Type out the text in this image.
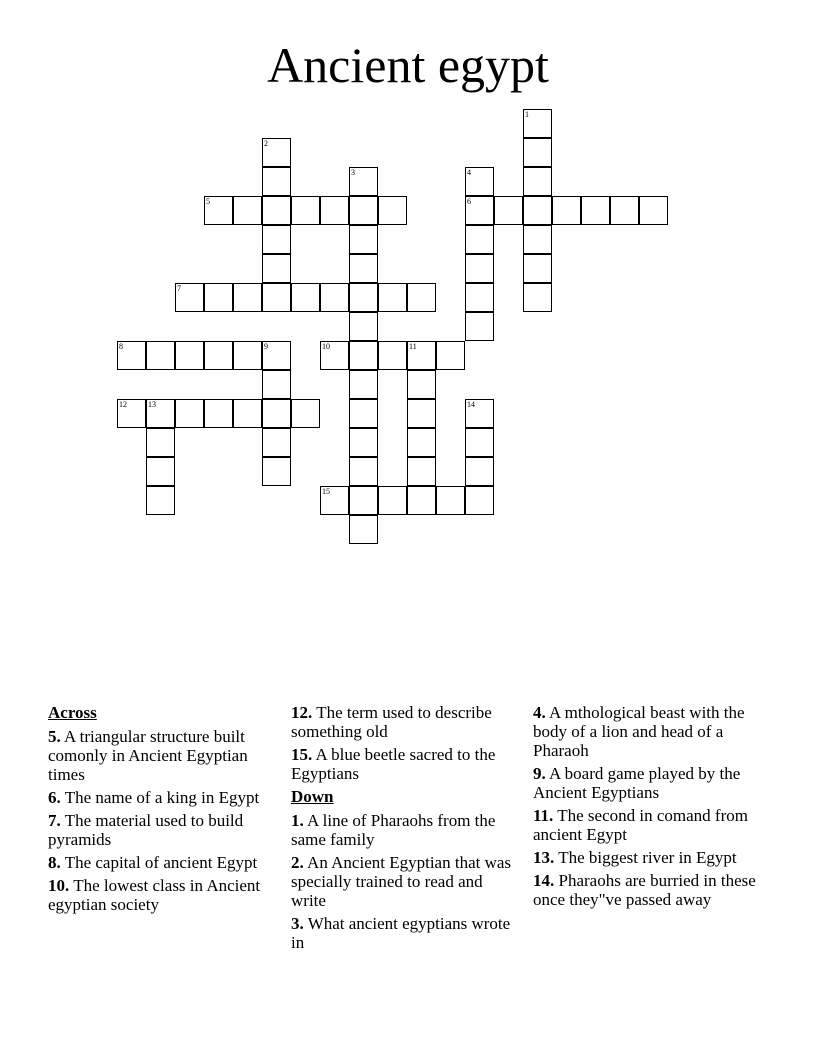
Ancient egypt
1
2
3	4
6
5
7
8	9	10	11
12	13	14
15
Across
5. A triangular structure built comonly in Ancient Egyptian times
6. The name of a king in Egypt
7. The material used to build pyramids
8. The capital of ancient Egypt
10. The lowest class in Ancient egyptian society
12. The term used to describe something old
15. A blue beetle sacred to the Egyptians
Down
1. A line of Pharaohs from the same family
2. An Ancient Egyptian that was specially trained to read and write
3. What ancient egyptians wrote in
4. A mthological beast with the body of a lion and head of a Pharaoh
9. A board game played by the Ancient Egyptians
11. The second in comand from ancient Egypt
13. The biggest river in Egypt
14. Pharaohs are burried in these once they"ve passed away
